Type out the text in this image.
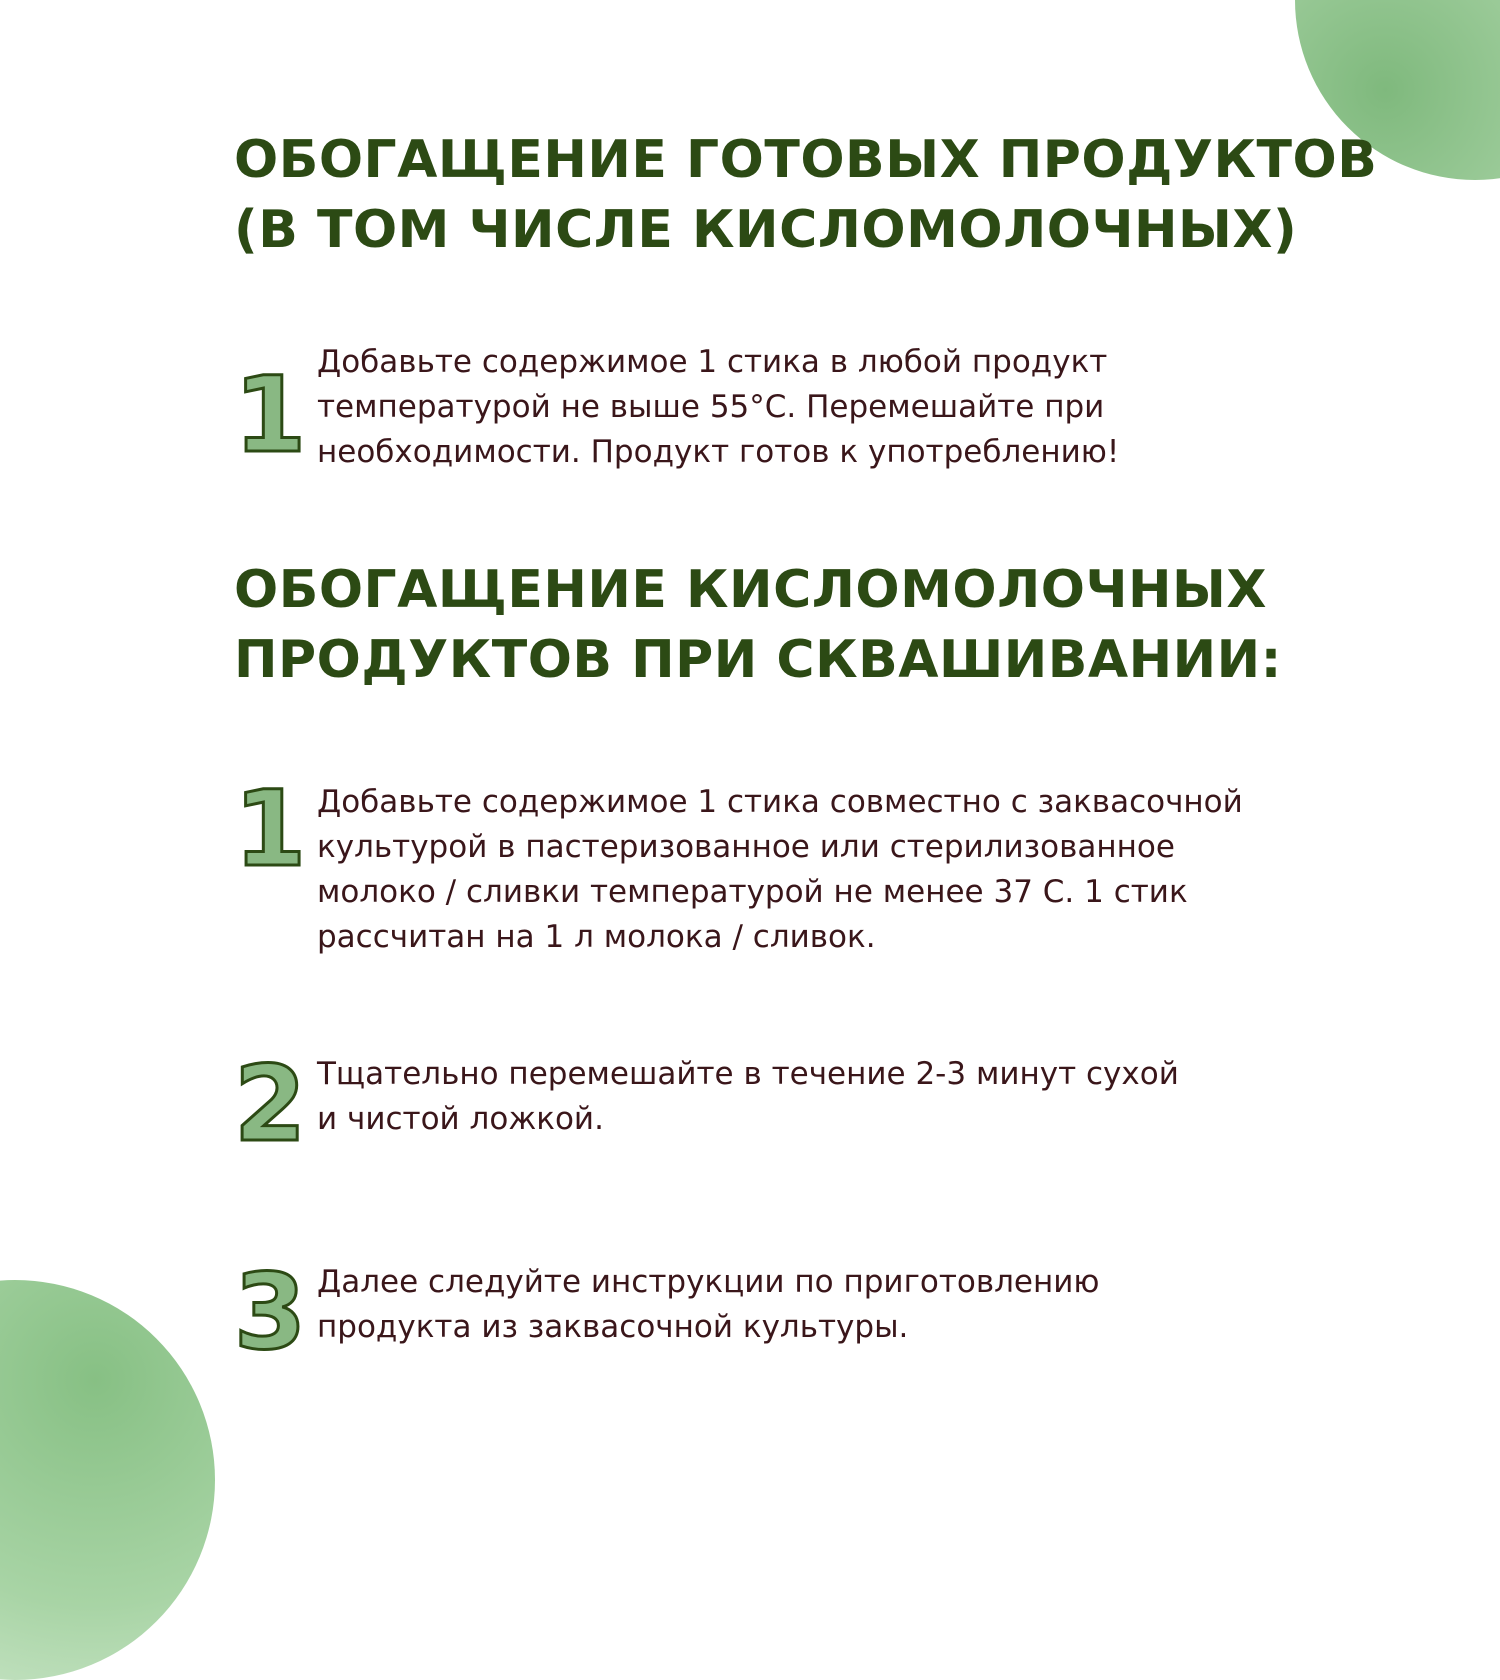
ОБОГАЩЕНИЕ ГОТОВЫХ ПРОДУКТОВ
(В ТОМ ЧИСЛЕ КИСЛОМОЛОЧНЫХ)
1 Добавьте содержимое 1 стика в любой продукт
температурой не выше 55°С. Перемешайте при
необходимости. Продукт готов к употреблению!

ОБОГАЩЕНИЕ КИСЛОМОЛОЧНЫХ
ПРОДУКТОВ ПРИ СКВАШИВАНИИ:
1 Добавьте содержимое 1 стика совместно с заквасочной
культурой в пастеризованное или стерилизованное
молоко / сливки температурой не менее 37 С. 1 стик
рассчитан на 1 л молока / сливок.

2 Тщательно перемешайте в течение 2-3 минут сухой
и чистой ложкой.

3 Далее следуйте инструкции по приготовлению
продукта из заквасочной культуры.
